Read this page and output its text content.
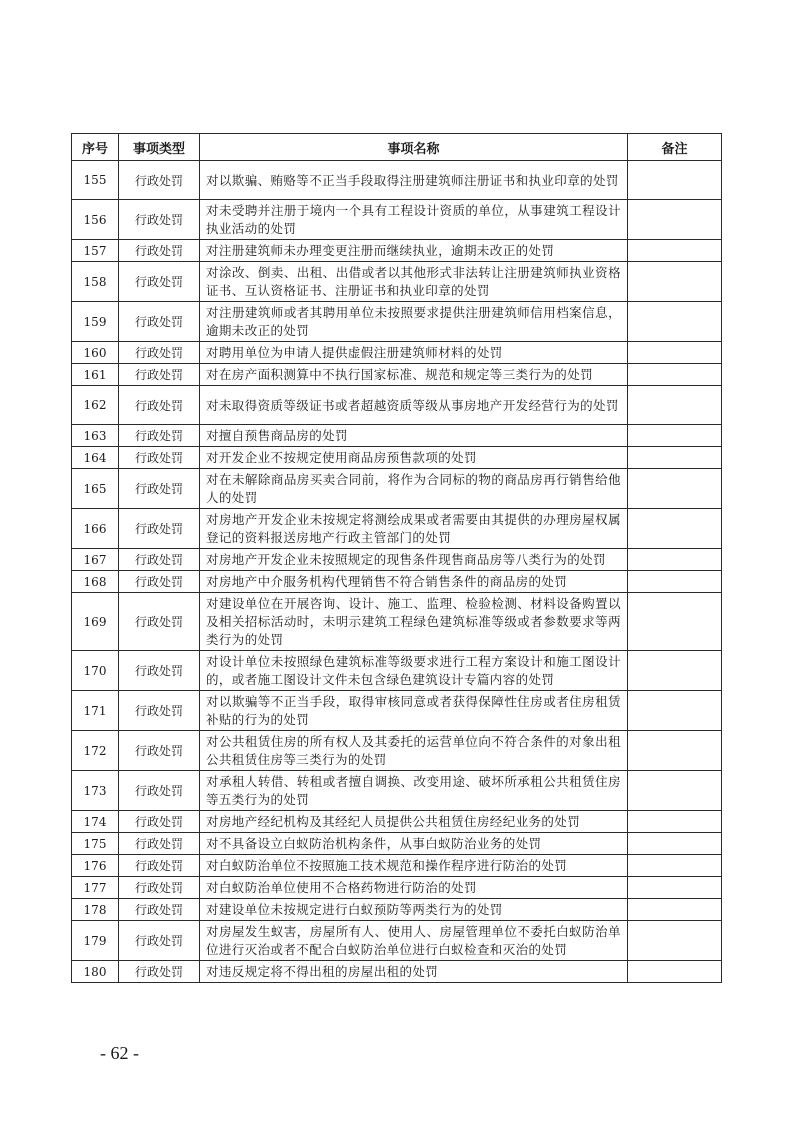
序号	事项类型	事项名称	备注
155	行政处罚	对以欺骗、贿赂等不正当手段取得注册建筑师注册证书和执业印章的处罚	
156	行政处罚	对未受聘并注册于境内一个具有工程设计资质的单位，从事建筑工程设计执业活动的处罚	
157	行政处罚	对注册建筑师未办理变更注册而继续执业，逾期未改正的处罚	
158	行政处罚	对涂改、倒卖、出租、出借或者以其他形式非法转让注册建筑师执业资格证书、互认资格证书、注册证书和执业印章的处罚	
159	行政处罚	对注册建筑师或者其聘用单位未按照要求提供注册建筑师信用档案信息，逾期未改正的处罚	
160	行政处罚	对聘用单位为申请人提供虚假注册建筑师材料的处罚	
161	行政处罚	对在房产面积测算中不执行国家标准、规范和规定等三类行为的处罚	
162	行政处罚	对未取得资质等级证书或者超越资质等级从事房地产开发经营行为的处罚	
163	行政处罚	对擅自预售商品房的处罚	
164	行政处罚	对开发企业不按规定使用商品房预售款项的处罚	
165	行政处罚	对在未解除商品房买卖合同前，将作为合同标的物的商品房再行销售给他人的处罚	
166	行政处罚	对房地产开发企业未按规定将测绘成果或者需要由其提供的办理房屋权属登记的资料报送房地产行政主管部门的处罚	
167	行政处罚	对房地产开发企业未按照规定的现售条件现售商品房等八类行为的处罚	
168	行政处罚	对房地产中介服务机构代理销售不符合销售条件的商品房的处罚	
169	行政处罚	对建设单位在开展咨询、设计、施工、监理、检验检测、材料设备购置以及相关招标活动时，未明示建筑工程绿色建筑标准等级或者参数要求等两类行为的处罚	
170	行政处罚	对设计单位未按照绿色建筑标准等级要求进行工程方案设计和施工图设计的，或者施工图设计文件未包含绿色建筑设计专篇内容的处罚	
171	行政处罚	对以欺骗等不正当手段，取得审核同意或者获得保障性住房或者住房租赁补贴的行为的处罚	
172	行政处罚	对公共租赁住房的所有权人及其委托的运营单位向不符合条件的对象出租公共租赁住房等三类行为的处罚	
173	行政处罚	对承租人转借、转租或者擅自调换、改变用途、破坏所承租公共租赁住房等五类行为的处罚	
174	行政处罚	对房地产经纪机构及其经纪人员提供公共租赁住房经纪业务的处罚	
175	行政处罚	对不具备设立白蚁防治机构条件，从事白蚁防治业务的处罚	
176	行政处罚	对白蚁防治单位不按照施工技术规范和操作程序进行防治的处罚	
177	行政处罚	对白蚁防治单位使用不合格药物进行防治的处罚	
178	行政处罚	对建设单位未按规定进行白蚁预防等两类行为的处罚	
179	行政处罚	对房屋发生蚁害，房屋所有人、使用人、房屋管理单位不委托白蚁防治单位进行灭治或者不配合白蚁防治单位进行白蚁检查和灭治的处罚	
180	行政处罚	对违反规定将不得出租的房屋出租的处罚	
- 62 -
